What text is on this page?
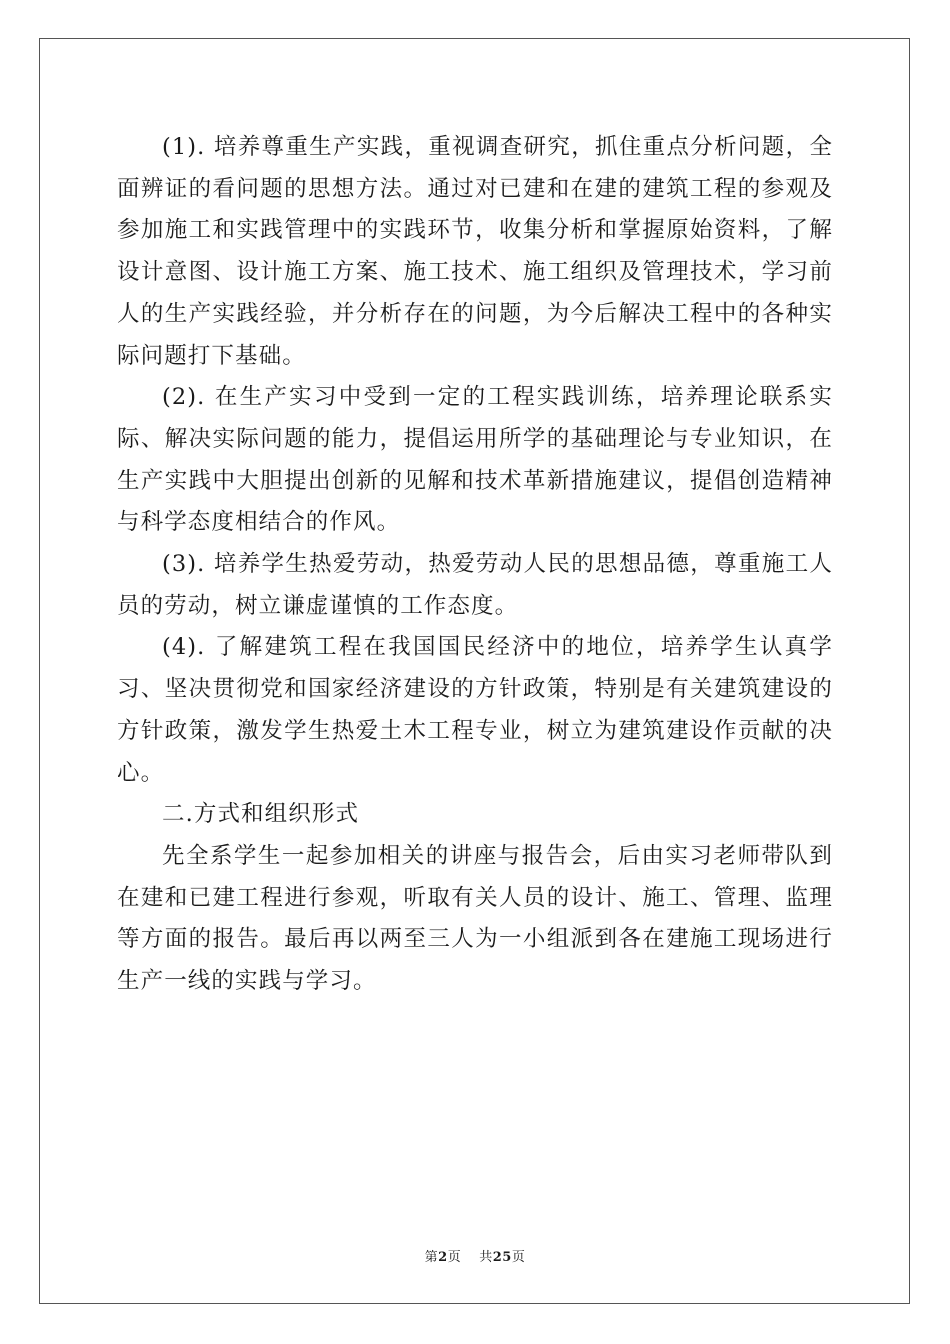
(1). 培养尊重生产实践，重视调查研究，抓住重点分析问题，全面辨证的看问题的思想方法。通过对已建和在建的建筑工程的参观及参加施工和实践管理中的实践环节，收集分析和掌握原始资料，了解设计意图、设计施工方案、施工技术、施工组织及管理技术，学习前人的生产实践经验，并分析存在的问题，为今后解决工程中的各种实际问题打下基础。

(2). 在生产实习中受到一定的工程实践训练，培养理论联系实际、解决实际问题的能力，提倡运用所学的基础理论与专业知识，在生产实践中大胆提出创新的见解和技术革新措施建议，提倡创造精神与科学态度相结合的作风。

(3). 培养学生热爱劳动，热爱劳动人民的思想品德，尊重施工人员的劳动，树立谦虚谨慎的工作态度。

(4). 了解建筑工程在我国国民经济中的地位，培养学生认真学习、坚决贯彻党和国家经济建设的方针政策，特别是有关建筑建设的方针政策，激发学生热爱土木工程专业，树立为建筑建设作贡献的决心。

二.方式和组织形式

先全系学生一起参加相关的讲座与报告会，后由实习老师带队到在建和已建工程进行参观，听取有关人员的设计、施工、管理、监理等方面的报告。最后再以两至三人为一小组派到各在建施工现场进行生产一线的实践与学习。

第2页 共25页
